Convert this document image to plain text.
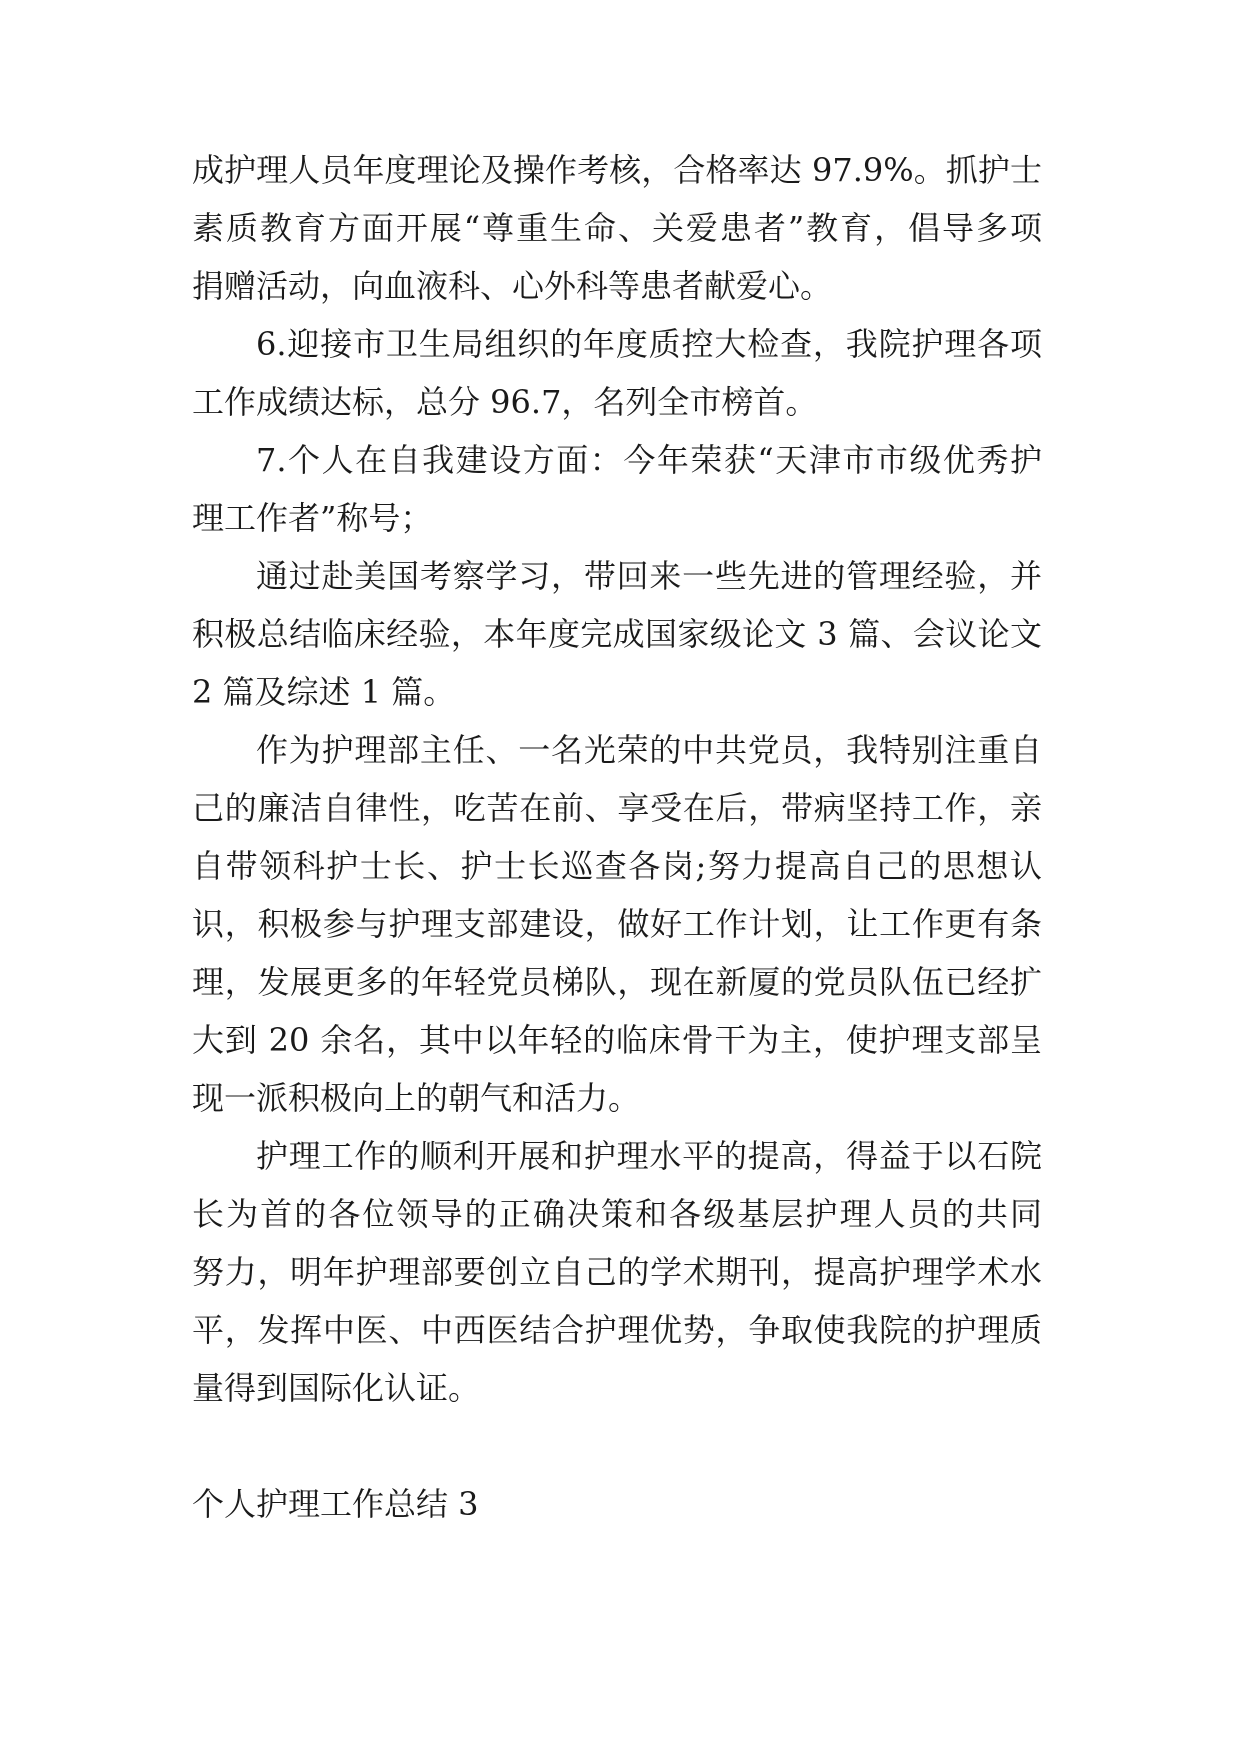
成护理人员年度理论及操作考核，合格率达 97.9%。抓护士
素质教育方面开展“尊重生命、关爱患者”教育，倡导多项
捐赠活动，向血液科、心外科等患者献爱心。
6.迎接市卫生局组织的年度质控大检查，我院护理各项
工作成绩达标，总分 96.7，名列全市榜首。
7.个人在自我建设方面：今年荣获“天津市市级优秀护
理工作者”称号；
通过赴美国考察学习，带回来一些先进的管理经验，并
积极总结临床经验，本年度完成国家级论文 3 篇、会议论文
2 篇及综述 1 篇。
作为护理部主任、一名光荣的中共党员，我特别注重自
己的廉洁自律性，吃苦在前、享受在后，带病坚持工作，亲
自带领科护士长、护士长巡查各岗;努力提高自己的思想认
识，积极参与护理支部建设，做好工作计划，让工作更有条
理，发展更多的年轻党员梯队，现在新厦的党员队伍已经扩
大到 20 余名，其中以年轻的临床骨干为主，使护理支部呈
现一派积极向上的朝气和活力。
护理工作的顺利开展和护理水平的提高，得益于以石院
长为首的各位领导的正确决策和各级基层护理人员的共同
努力，明年护理部要创立自己的学术期刊，提高护理学术水
平，发挥中医、中西医结合护理优势，争取使我院的护理质
量得到国际化认证。
个人护理工作总结 3
